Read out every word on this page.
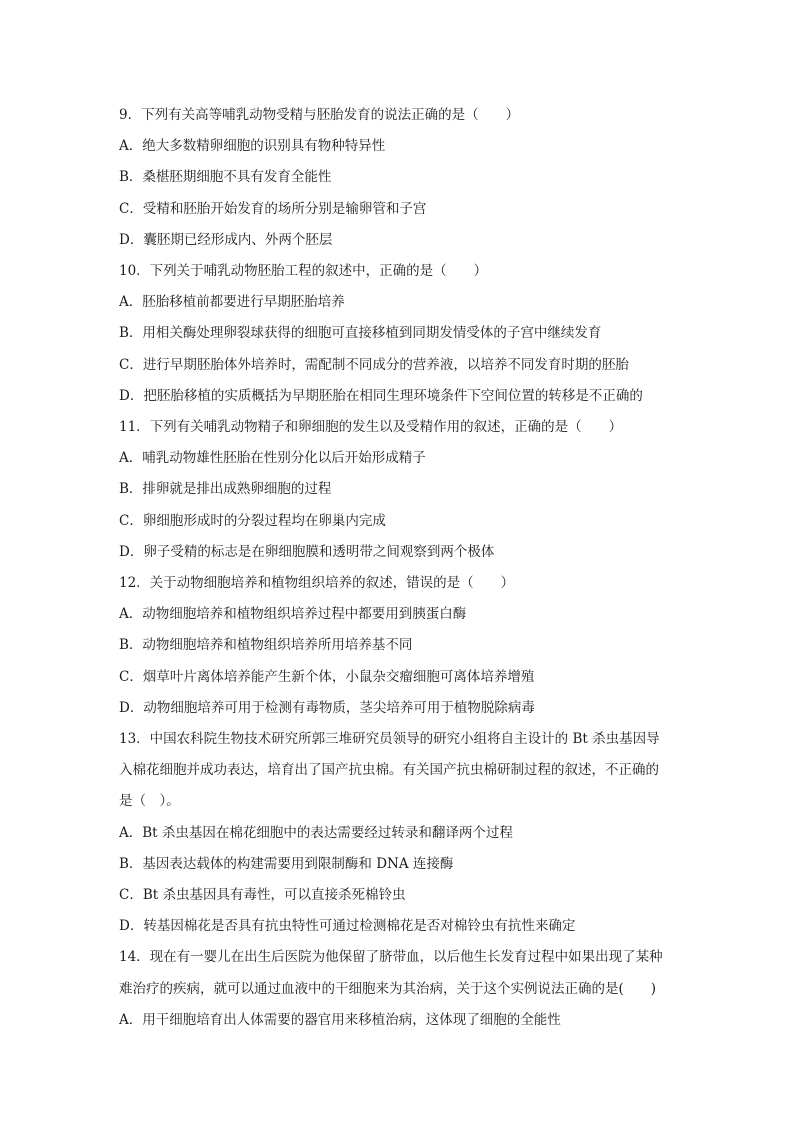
9．下列有关高等哺乳动物受精与胚胎发育的说法正确的是（　　）
A．绝大多数精卵细胞的识别具有物种特异性
B．桑椹胚期细胞不具有发育全能性
C．受精和胚胎开始发育的场所分别是输卵管和子宫
D．囊胚期已经形成内、外两个胚层
10．下列关于哺乳动物胚胎工程的叙述中，正确的是（　　）
A．胚胎移植前都要进行早期胚胎培养
B．用相关酶处理卵裂球获得的细胞可直接移植到同期发情受体的子宫中继续发育
C．进行早期胚胎体外培养时，需配制不同成分的营养液，以培养不同发育时期的胚胎
D．把胚胎移植的实质概括为早期胚胎在相同生理环境条件下空间位置的转移是不正确的
11．下列有关哺乳动物精子和卵细胞的发生以及受精作用的叙述，正确的是（　　）
A．哺乳动物雄性胚胎在性别分化以后开始形成精子
B．排卵就是排出成熟卵细胞的过程
C．卵细胞形成时的分裂过程均在卵巢内完成
D．卵子受精的标志是在卵细胞膜和透明带之间观察到两个极体
12．关于动物细胞培养和植物组织培养的叙述，错误的是（　　）
A．动物细胞培养和植物组织培养过程中都要用到胰蛋白酶
B．动物细胞培养和植物组织培养所用培养基不同
C．烟草叶片离体培养能产生新个体，小鼠杂交瘤细胞可离体培养增殖
D．动物细胞培养可用于检测有毒物质，茎尖培养可用于植物脱除病毒
13．中国农科院生物技术研究所郭三堆研究员领导的研究小组将自主设计的 Bt 杀虫基因导
入棉花细胞并成功表达，培育出了国产抗虫棉。有关国产抗虫棉研制过程的叙述，不正确的
是（　）。
A．Bt 杀虫基因在棉花细胞中的表达需要经过转录和翻译两个过程
B．基因表达载体的构建需要用到限制酶和 DNA 连接酶
C．Bt 杀虫基因具有毒性，可以直接杀死棉铃虫
D．转基因棉花是否具有抗虫特性可通过检测棉花是否对棉铃虫有抗性来确定
14．现在有一婴儿在出生后医院为他保留了脐带血，以后他生长发育过程中如果出现了某种
难治疗的疾病，就可以通过血液中的干细胞来为其治病，关于这个实例说法正确的是(　　)
A．用干细胞培育出人体需要的器官用来移植治病，这体现了细胞的全能性
